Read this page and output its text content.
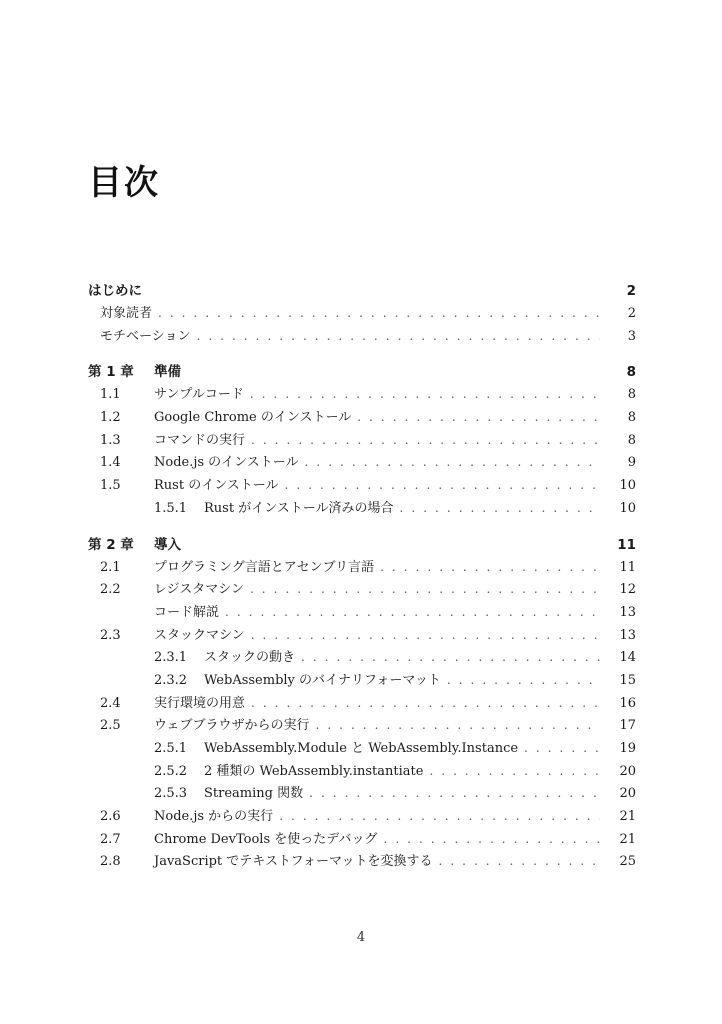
目次
はじめに	2
対象読者 . . .	2
モチベーション . . .	3
第 1 章	準備	8
1.1	サンプルコード . . .	8
1.2	Google Chrome のインストール . . .	8
1.3	コマンドの実行 . . .	8
1.4	Node.js のインストール . . .	9
1.5	Rust のインストール . . .	10
1.5.1	Rust がインストール済みの場合 . . .	10
第 2 章	導入	11
2.1	プログラミング言語とアセンブリ言語 . . .	11
2.2	レジスタマシン . . .	12
コード解説 . . .	13
2.3	スタックマシン . . .	13
2.3.1	スタックの動き . . .	14
2.3.2	WebAssembly のバイナリフォーマット . . .	15
2.4	実行環境の用意 . . .	16
2.5	ウェブブラウザからの実行 . . .	17
2.5.1	WebAssembly.Module と WebAssembly.Instance . . .	19
2.5.2	2 種類の WebAssembly.instantiate . . .	20
2.5.3	Streaming 関数 . . .	20
2.6	Node.js からの実行 . . .	21
2.7	Chrome DevTools を使ったデバッグ . . .	21
2.8	JavaScript でテキストフォーマットを変換する . . .	25
4
